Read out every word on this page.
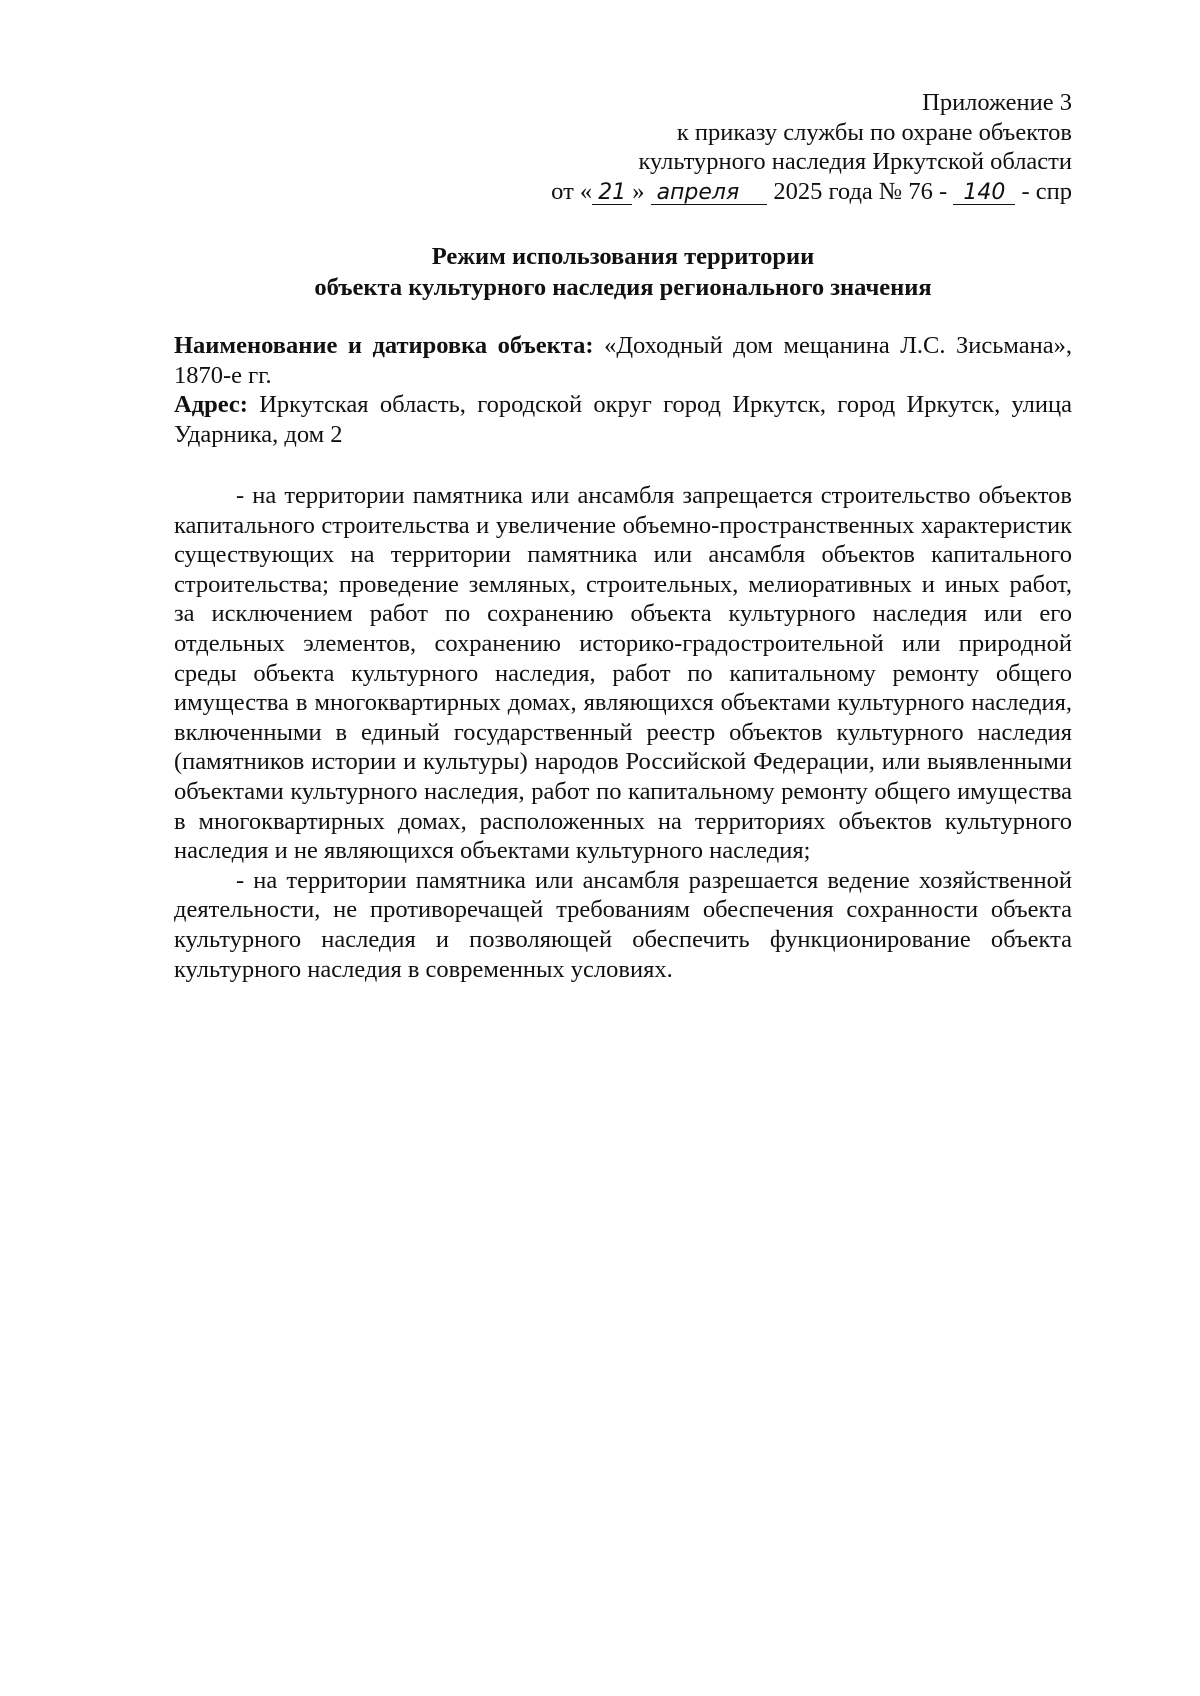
Приложение 3
к приказу службы по охране объектов
культурного наследия Иркутской области
от « 21 » апреля 2025 года № 76 - 140 - спр
Режим использования территории
объекта культурного наследия регионального значения

Наименование и датировка объекта: «Доходный дом мещанина Л.С. Зисьмана», 1870-е гг.

Адрес: Иркутская область, городской округ город Иркутск, город Иркутск, улица Ударника, дом 2

- на территории памятника или ансамбля запрещается строительство объектов капитального строительства и увеличение объемно-пространственных характеристик существующих на территории памятника или ансамбля объектов капитального строительства; проведение земляных, строительных, мелиоративных и иных работ, за исключением работ по сохранению объекта культурного наследия или его отдельных элементов, сохранению историко-градостроительной или природной среды объекта культурного наследия, работ по капитальному ремонту общего имущества в многоквартирных домах, являющихся объектами культурного наследия, включенными в единый государственный реестр объектов культурного наследия (памятников истории и культуры) народов Российской Федерации, или выявленными объектами культурного наследия, работ по капитальному ремонту общего имущества в многоквартирных домах, расположенных на территориях объектов культурного наследия и не являющихся объектами культурного наследия;

- на территории памятника или ансамбля разрешается ведение хозяйственной деятельности, не противоречащей требованиям обеспечения сохранности объекта культурного наследия и позволяющей обеспечить функционирование объекта культурного наследия в современных условиях.
